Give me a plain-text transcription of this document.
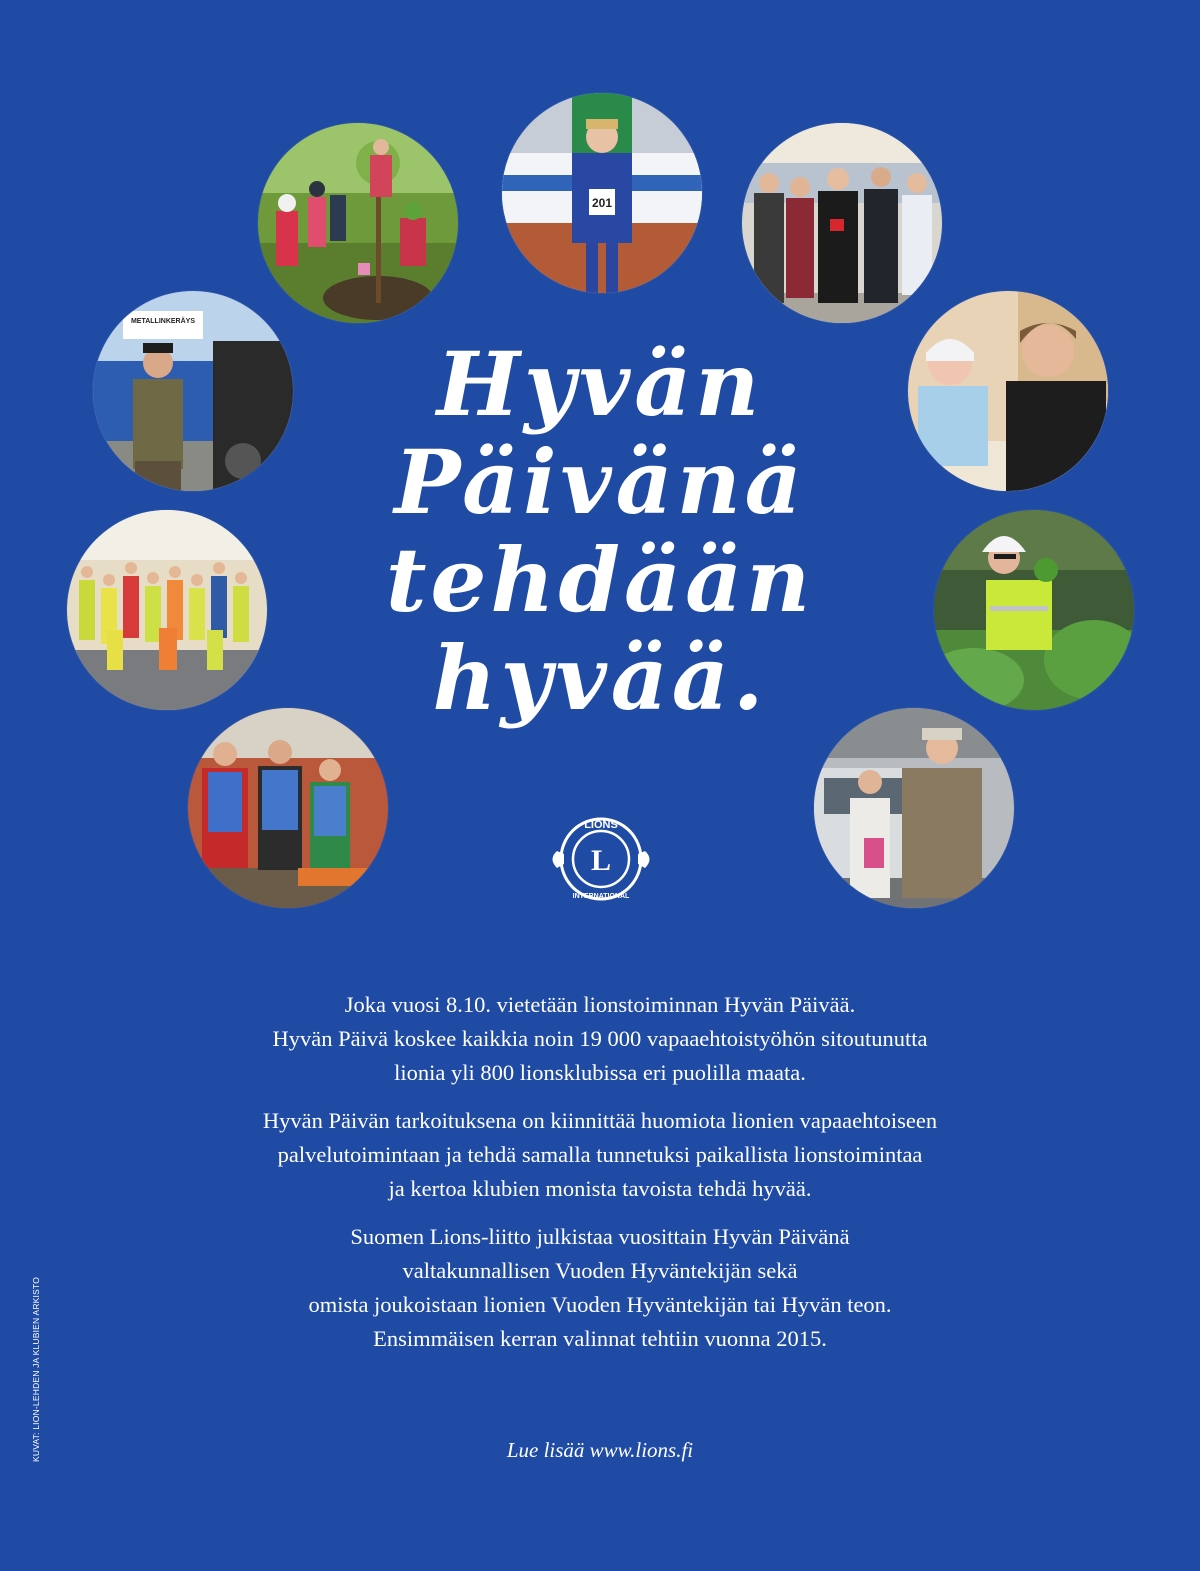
201
METALLINKERÄYS
Hyvän
Päivänä
tehdään
hyvää.
L
LIONS
INTERNATIONAL

Joka vuosi 8.10. vietetään lionstoiminnan Hyvän Päivää.
Hyvän Päivä koskee kaikkia noin 19 000 vapaaehtoistyöhön sitoutunutta
lionia yli 800 lionsklubissa eri puolilla maata.

Hyvän Päivän tarkoituksena on kiinnittää huomiota lionien vapaaehtoiseen
palvelutoimintaan ja tehdä samalla tunnetuksi paikallista lionstoimintaa
ja kertoa klubien monista tavoista tehdä hyvää.

Suomen Lions-liitto julkistaa vuosittain Hyvän Päivänä
valtakunnallisen Vuoden Hyväntekijän sekä
omista joukoistaan lionien Vuoden Hyväntekijän tai Hyvän teon.
Ensimmäisen kerran valinnat tehtiin vuonna 2015.

Lue lisää www.lions.fi
KUVAT: LION-LEHDEN JA KLUBIEN ARKISTO
